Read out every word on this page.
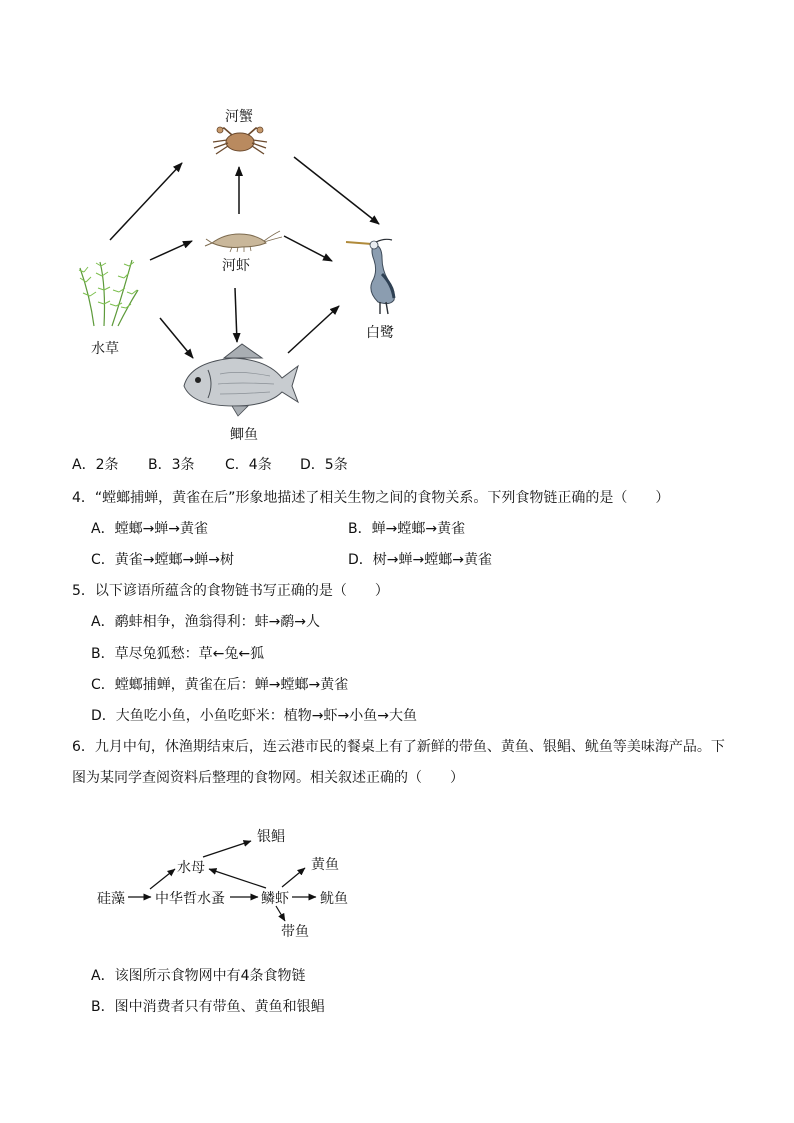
河蟹
河虾
水草
白鹭
鲫鱼
A．2条 B．3条 C．4条 D．5条
4．“螳螂捕蝉，黄雀在后”形象地描述了相关生物之间的食物关系。下列食物链正确的是（　　）
A．螳螂→蝉→黄雀	B．蝉→螳螂→黄雀
C．黄雀→螳螂→蝉→树	D．树→蝉→螳螂→黄雀
5．以下谚语所蕴含的食物链书写正确的是（　　）
A．鹬蚌相争，渔翁得利：蚌→鹬→人
B．草尽兔狐愁：草←兔←狐
C．螳螂捕蝉，黄雀在后：蝉→螳螂→黄雀
D．大鱼吃小鱼，小鱼吃虾米：植物→虾→小鱼→大鱼
6．九月中旬，休渔期结束后，连云港市民的餐桌上有了新鲜的带鱼、黄鱼、银鲳、鱿鱼等美味海产品。下
图为某同学查阅资料后整理的食物网。相关叙述正确的（　　）
银鲳
水母	黄鱼
硅藻 中华哲水蚤	鳞虾 鱿鱼
带鱼
A．该图所示食物网中有4条食物链
B．图中消费者只有带鱼、黄鱼和银鲳
